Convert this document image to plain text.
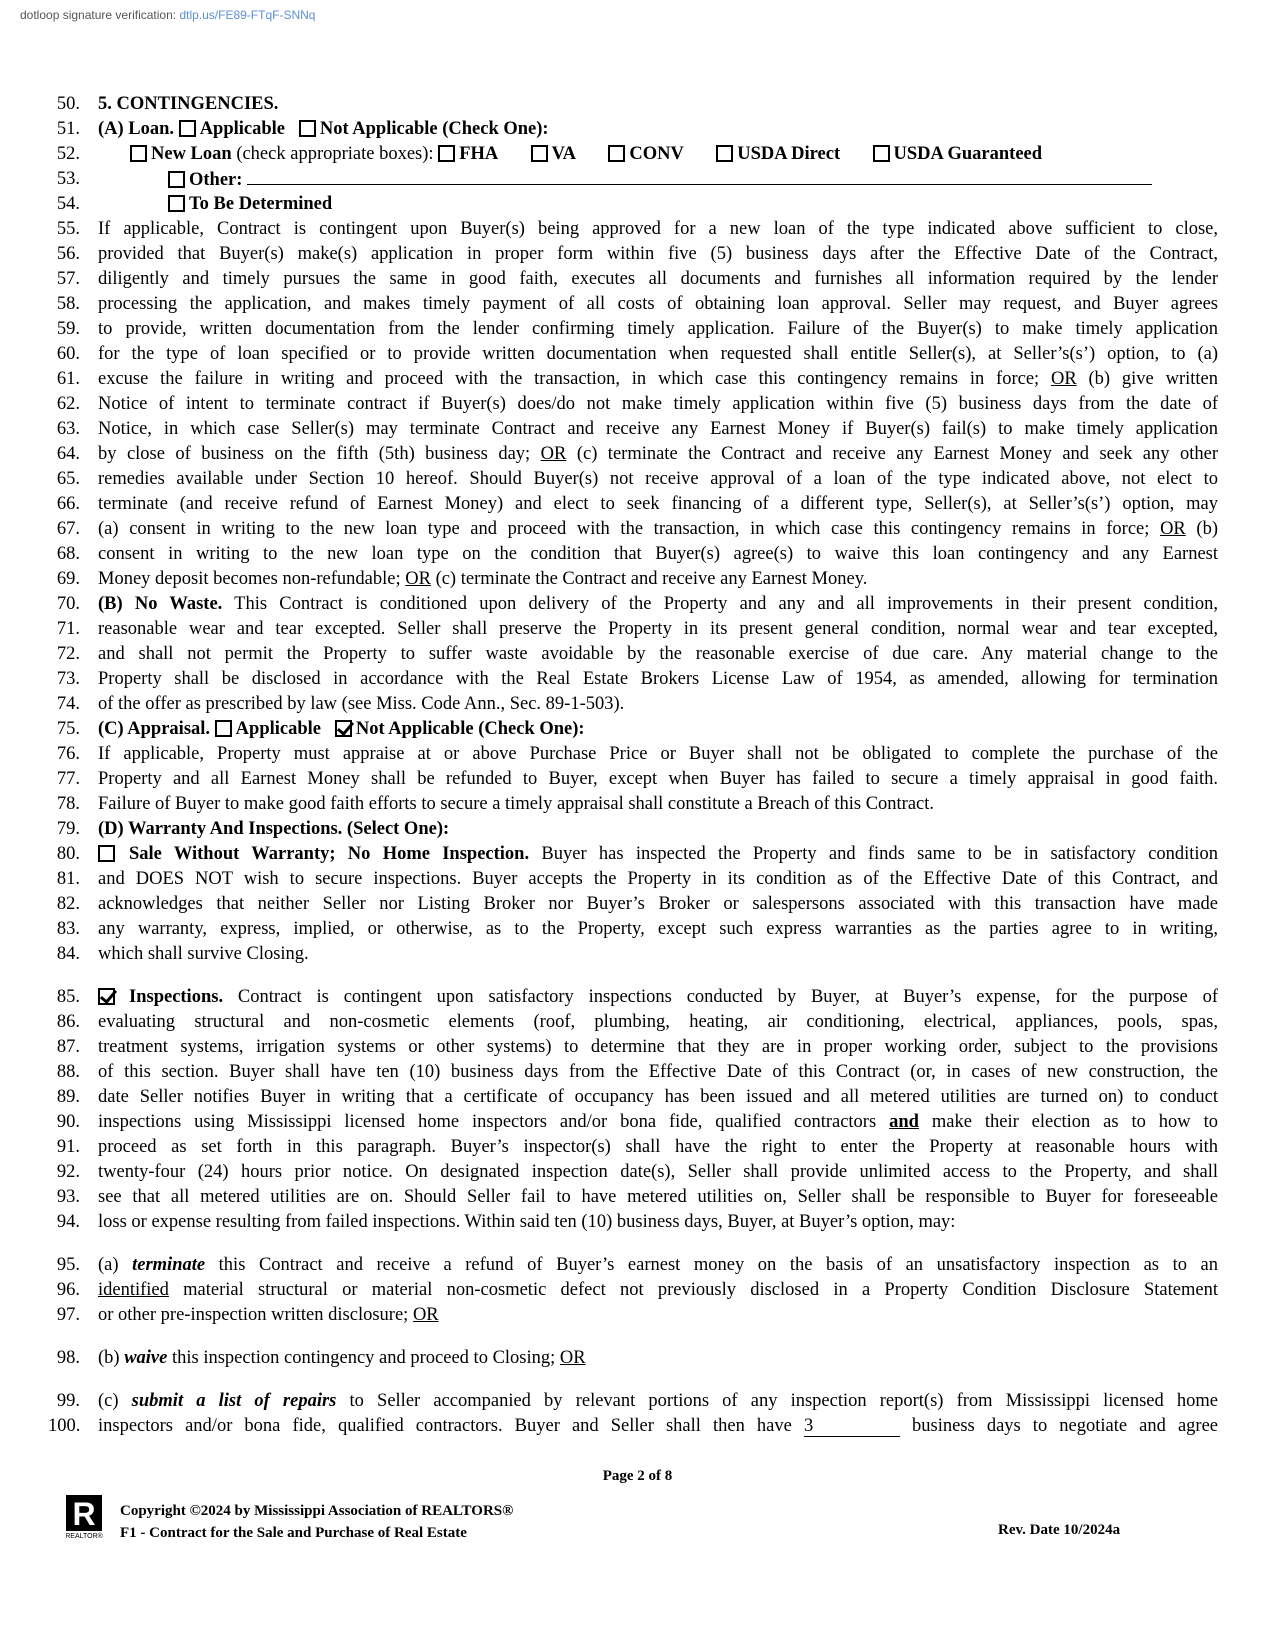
dotloop signature verification: dtlp.us/FE89-FTqF-SNNq
50. 5. CONTINGENCIES.
51. (A) Loan. Applicable Not Applicable (Check One):
52.	New Loan (check appropriate boxes): FHA	VA	CONV	USDA Direct	USDA Guaranteed
53.	Other:
54.	To Be Determined
55. If applicable, Contract is contingent upon Buyer(s) being approved for a new loan of the type indicated above sufficient to close,
56. provided that Buyer(s) make(s) application in proper form within five (5) business days after the Effective Date of the Contract,
57. diligently and timely pursues the same in good faith, executes all documents and furnishes all information required by the lender
58. processing the application, and makes timely payment of all costs of obtaining loan approval. Seller may request, and Buyer agrees
59. to provide, written documentation from the lender confirming timely application. Failure of the Buyer(s) to make timely application
60. for the type of loan specified or to provide written documentation when requested shall entitle Seller(s), at Seller’s(s’) option, to (a)
61. excuse the failure in writing and proceed with the transaction, in which case this contingency remains in force; OR (b) give written
62. Notice of intent to terminate contract if Buyer(s) does/do not make timely application within five (5) business days from the date of
63. Notice, in which case Seller(s) may terminate Contract and receive any Earnest Money if Buyer(s) fail(s) to make timely application
64. by close of business on the fifth (5th) business day; OR (c) terminate the Contract and receive any Earnest Money and seek any other
65. remedies available under Section 10 hereof. Should Buyer(s) not receive approval of a loan of the type indicated above, not elect to
66. terminate (and receive refund of Earnest Money) and elect to seek financing of a different type, Seller(s), at Seller’s(s’) option, may
67. (a) consent in writing to the new loan type and proceed with the transaction, in which case this contingency remains in force; OR (b)
68. consent in writing to the new loan type on the condition that Buyer(s) agree(s) to waive this loan contingency and any Earnest
69. Money deposit becomes non-refundable; OR (c) terminate the Contract and receive any Earnest Money.
70. (B) No Waste. This Contract is conditioned upon delivery of the Property and any and all improvements in their present condition,
71. reasonable wear and tear excepted. Seller shall preserve the Property in its present general condition, normal wear and tear excepted,
72. and shall not permit the Property to suffer waste avoidable by the reasonable exercise of due care. Any material change to the
73. Property shall be disclosed in accordance with the Real Estate Brokers License Law of 1954, as amended, allowing for termination
74. of the offer as prescribed by law (see Miss. Code Ann., Sec. 89-1-503).
75. (C) Appraisal. Applicable Not Applicable (Check One):
76. If applicable, Property must appraise at or above Purchase Price or Buyer shall not be obligated to complete the purchase of the
77. Property and all Earnest Money shall be refunded to Buyer, except when Buyer has failed to secure a timely appraisal in good faith.
78. Failure of Buyer to make good faith efforts to secure a timely appraisal shall constitute a Breach of this Contract.
79. (D) Warranty And Inspections. (Select One):
80.	Sale Without Warranty; No Home Inspection. Buyer has inspected the Property and finds same to be in satisfactory condition
81. and DOES NOT wish to secure inspections. Buyer accepts the Property in its condition as of the Effective Date of this Contract, and
82. acknowledges that neither Seller nor Listing Broker nor Buyer’s Broker or salespersons associated with this transaction have made
83. any warranty, express, implied, or otherwise, as to the Property, except such express warranties as the parties agree to in writing,
84. which shall survive Closing.
85.	Inspections. Contract is contingent upon satisfactory inspections conducted by Buyer, at Buyer’s expense, for the purpose of
86. evaluating structural and non-cosmetic elements (roof, plumbing, heating, air conditioning, electrical, appliances, pools, spas,
87. treatment systems, irrigation systems or other systems) to determine that they are in proper working order, subject to the provisions
88. of this section. Buyer shall have ten (10) business days from the Effective Date of this Contract (or, in cases of new construction, the
89. date Seller notifies Buyer in writing that a certificate of occupancy has been issued and all metered utilities are turned on) to conduct
90. inspections using Mississippi licensed home inspectors and/or bona fide, qualified contractors and make their election as to how to
91. proceed as set forth in this paragraph. Buyer’s inspector(s) shall have the right to enter the Property at reasonable hours with
92. twenty-four (24) hours prior notice. On designated inspection date(s), Seller shall provide unlimited access to the Property, and shall
93. see that all metered utilities are on. Should Seller fail to have metered utilities on, Seller shall be responsible to Buyer for foreseeable
94. loss or expense resulting from failed inspections. Within said ten (10) business days, Buyer, at Buyer’s option, may:
95. (a) terminate this Contract and receive a refund of Buyer’s earnest money on the basis of an unsatisfactory inspection as to an
96. identified material structural or material non-cosmetic defect not previously disclosed in a Property Condition Disclosure Statement
97. or other pre-inspection written disclosure; OR
98. (b) waive this inspection contingency and proceed to Closing; OR
99. (c) submit a list of repairs to Seller accompanied by relevant portions of any inspection report(s) from Mississippi licensed home
100. inspectors and/or bona fide, qualified contractors. Buyer and Seller shall then have 3	business days to negotiate and agree
Page 2 of 8
R
REALTOR®
Copyright ©2024 by Mississippi Association of REALTORS®
F1 - Contract for the Sale and Purchase of Real Estate	Rev. Date 10/2024a
